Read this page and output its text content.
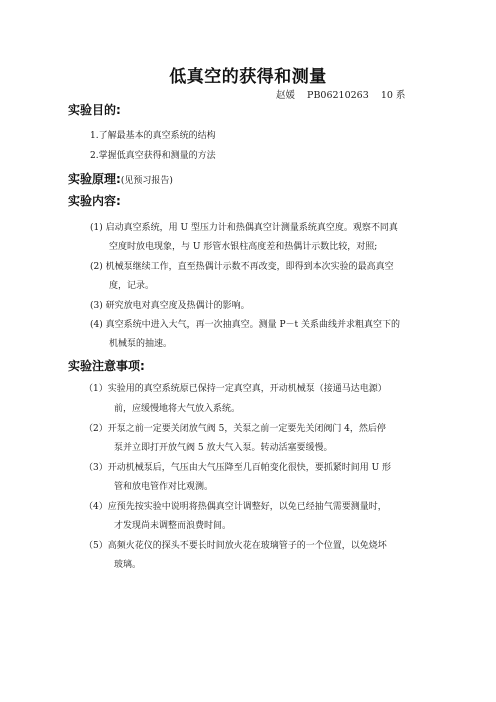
低真空的获得和测量
赵媛 PB06210263 10 系
实验目的:
1.了解最基本的真空系统的结构
2.掌握低真空获得和测量的方法
实验原理:(见预习报告)
实验内容:
(1) 启动真空系统，用 U 型压力计和热偶真空计测量系统真空度。观察不同真
空度时放电现象，与 U 形管水银柱高度差和热偶计示数比较，对照;
(2) 机械泵继续工作，直至热偶计示数不再改变，即得到本次实验的最高真空
度，记录。
(3) 研究放电对真空度及热偶计的影响。
(4) 真空系统中进入大气，再一次抽真空。测量 P－t 关系曲线并求粗真空下的
机械泵的抽速。
实验注意事项:
（1）实验用的真空系统原已保持一定真空真，开动机械泵（接通马达电源）
前，应缓慢地将大气放入系统。
（2）开泵之前一定要关闭放气阀 5，关泵之前一定要先关闭阀门 4，然后停
泵并立即打开放气阀 5 放大气入泵。转动活塞要缓慢。
（3）开动机械泵后，气压由大气压降至几百帕变化很快，要抓紧时间用 U 形
管和放电管作对比观测。
（4）应预先按实验中说明将热偶真空计调整好，以免已经抽气需要测量时，
才发现尚未调整而浪费时间。
（5）高频火花仪的探头不要长时间放火花在玻璃管子的一个位置，以免烧坏
玻璃。
